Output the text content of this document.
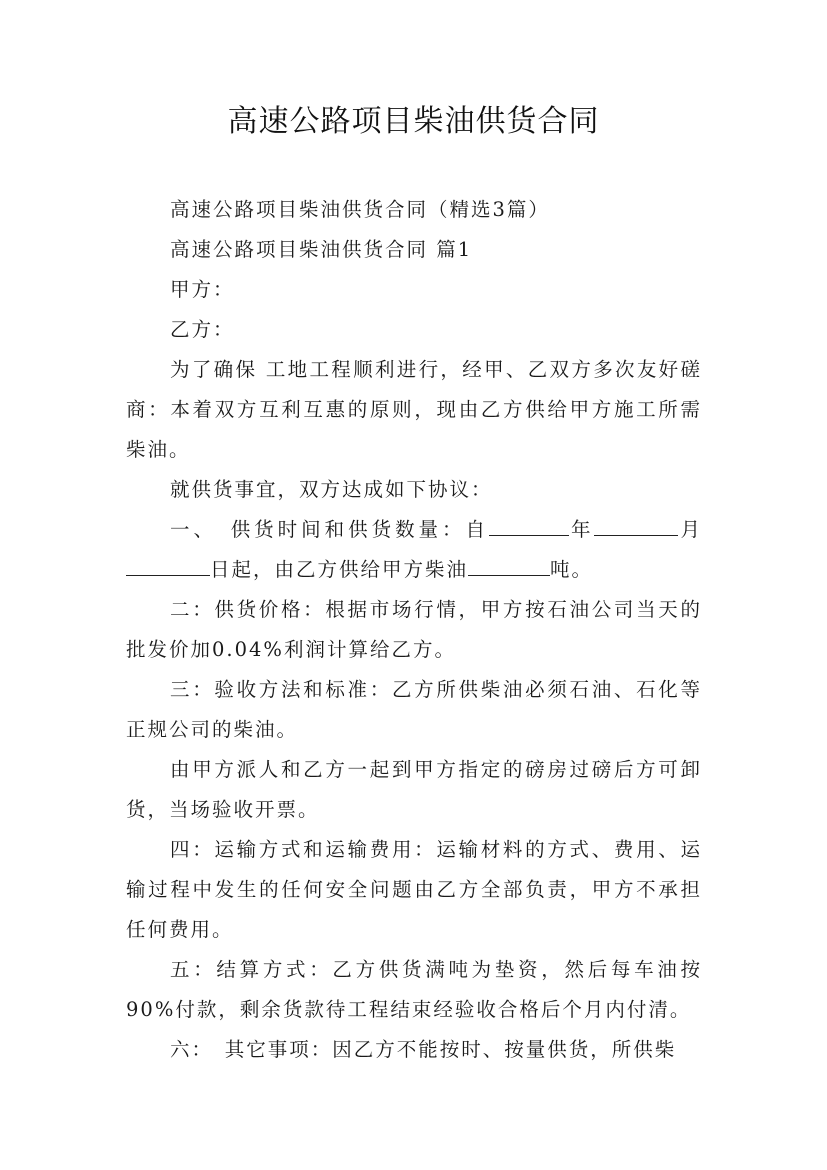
高速公路项目柴油供货合同

高速公路项目柴油供货合同（精选3篇）

高速公路项目柴油供货合同 篇1

甲方：

乙方：

为了确保 工地工程顺利进行，经甲、乙双方多次友好磋商：本着双方互利互惠的原则，现由乙方供给甲方施工所需柴油。

就供货事宜，双方达成如下协议：

一、　供货时间和供货数量：自	年	月日起，由乙方供给甲方柴油	吨。

二：供货价格：根据市场行情，甲方按石油公司当天的批发价加0.04%利润计算给乙方。

三：验收方法和标准：乙方所供柴油必须石油、石化等正规公司的柴油。

由甲方派人和乙方一起到甲方指定的磅房过磅后方可卸货，当场验收开票。

四：运输方式和运输费用：运输材料的方式、费用、运输过程中发生的任何安全问题由乙方全部负责，甲方不承担任何费用。

五：结算方式：乙方供货满吨为垫资，然后每车油按90%付款，剩余货款待工程结束经验收合格后个月内付清。

六：　其它事项：因乙方不能按时、按量供货，所供柴
